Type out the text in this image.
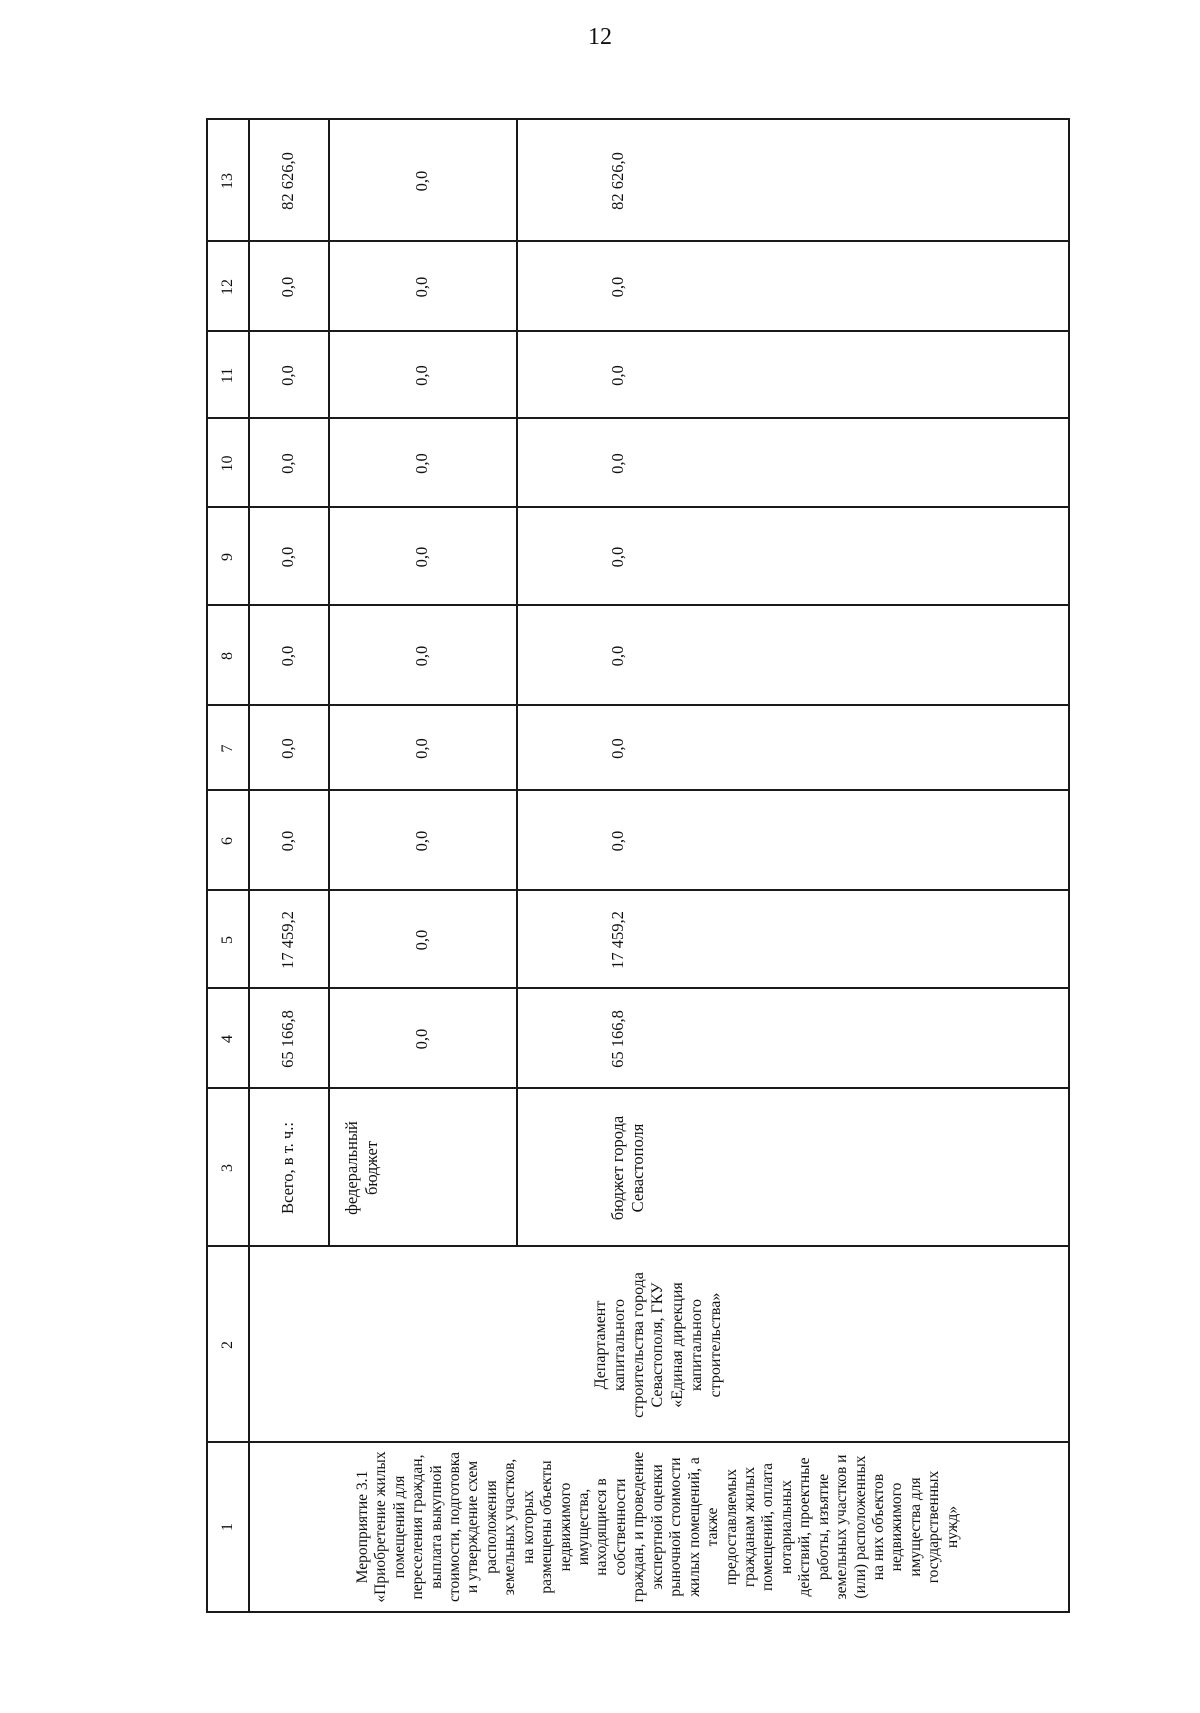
12
1
2
3
4
5
6
7
8
9
10
11
12
13
Мероприятие 3.1 «Приобретение жилых помещений для переселения граждан, выплата выкупной стоимости, подготовка и утверждение схем расположения земельных участков, на которых размещены объекты недвижимого имущества, находящиеся в собственности граждан, и проведение экспертной оценки рыночной стоимости жилых помещений, а также предоставляемых гражданам жилых помещений, оплата нотариальных действий, проектные работы, изъятие земельных участков и (или) расположенных на них объектов недвижимого имущества для государственных нужд»
Департамент капитального строительства города Севастополя, ГКУ «Единая дирекция капитального строительства»
Всего, в т. ч.:	федеральный бюджет	бюджет города Севастополя
65 166,8
17 459,2
0,0
0,0
0,0
0,0
0,0
0,0
0,0
82 626,0
0,0
0,0
0,0
0,0
0,0
0,0
0,0
0,0
0,0
0,0
65 166,8
17 459,2
0,0
0,0
0,0
0,0
0,0
0,0
0,0
82 626,0
